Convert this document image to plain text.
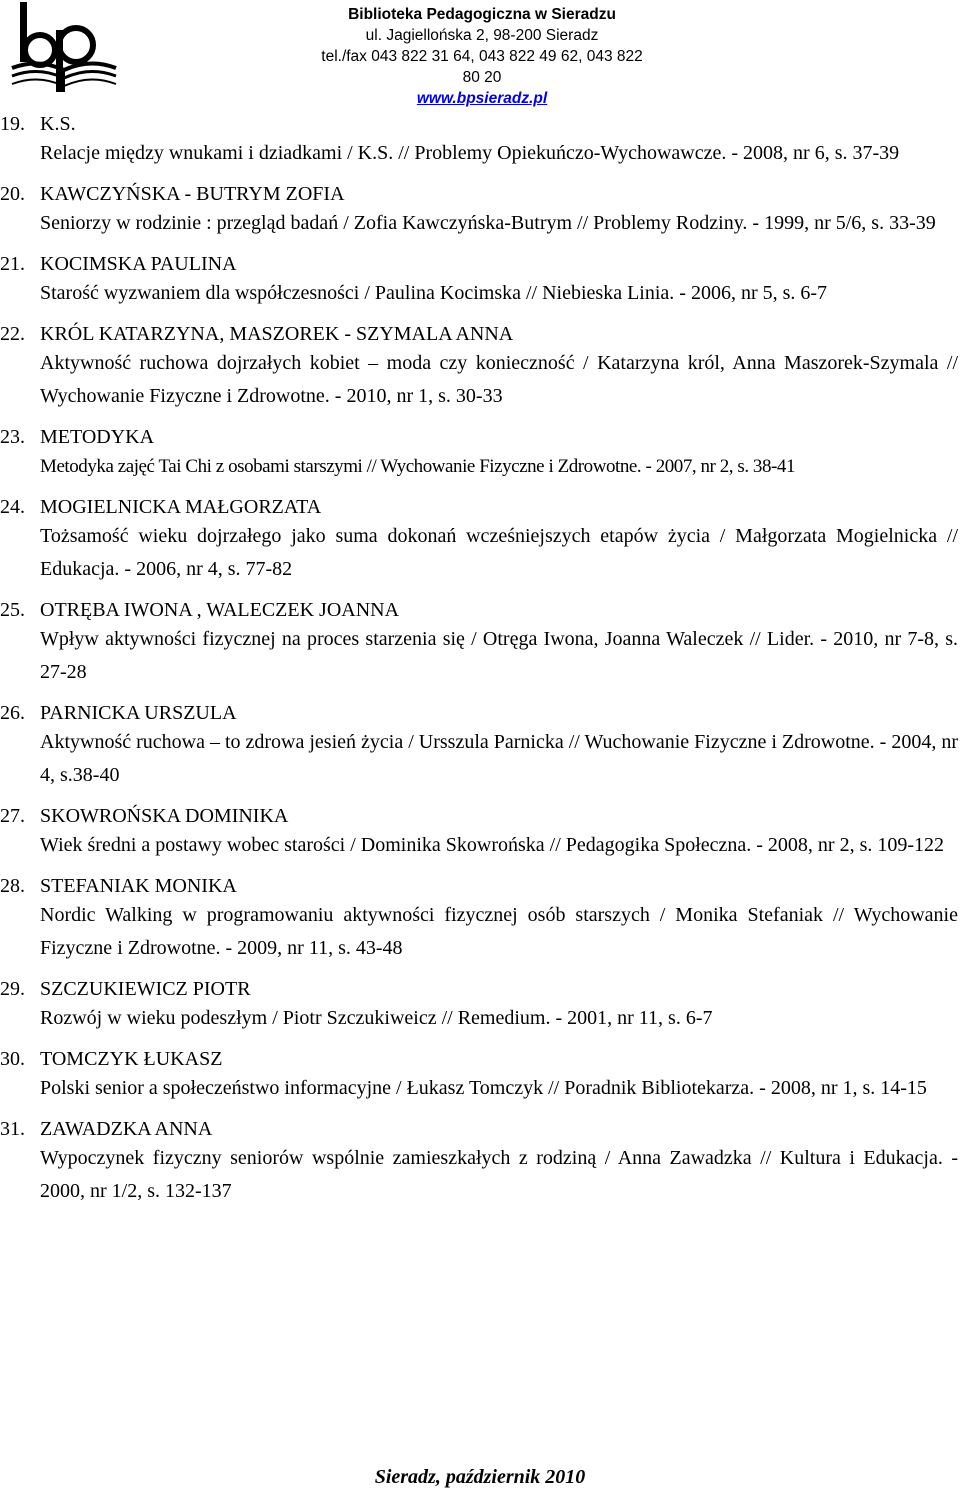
Biblioteka Pedagogiczna w Sieradzu
ul. Jagiellońska 2, 98-200 Sieradz
tel./fax 043 822 31 64, 043 822 49 62, 043 822 80 20
www.bpsieradz.pl
19. K.S.
Relacje między wnukami i dziadkami / K.S. // Problemy Opiekuńczo-Wychowawcze. - 2008, nr 6, s. 37-39
20. KAWCZYŃSKA - BUTRYM ZOFIA
Seniorzy w rodzinie : przegląd badań / Zofia Kawczyńska-Butrym // Problemy Rodziny. - 1999, nr 5/6, s. 33-39
21. KOCIMSKA PAULINA
Starość wyzwaniem dla współczesności / Paulina Kocimska // Niebieska Linia. - 2006, nr 5, s. 6-7
22. KRÓL KATARZYNA, MASZOREK - SZYMALA ANNA
Aktywność ruchowa dojrzałych kobiet – moda czy konieczność / Katarzyna król, Anna Maszorek-Szymala // Wychowanie Fizyczne i Zdrowotne. - 2010, nr 1, s. 30-33
23. METODYKA
Metodyka zajęć Tai Chi z osobami starszymi // Wychowanie Fizyczne i Zdrowotne. - 2007, nr 2, s. 38-41
24. MOGIELNICKA MAŁGORZATA
Tożsamość wieku dojrzałego jako suma dokonań wcześniejszych etapów życia / Małgorzata Mogielnicka // Edukacja. - 2006, nr 4, s. 77-82
25. OTRĘBA IWONA , WALECZEK JOANNA
Wpływ aktywności fizycznej na proces starzenia się / Otręga Iwona, Joanna Waleczek // Lider. - 2010, nr 7-8, s. 27-28
26. PARNICKA URSZULA
Aktywność ruchowa – to zdrowa jesień życia / Ursszula Parnicka // Wuchowanie Fizyczne i Zdrowotne. - 2004, nr 4, s.38-40
27. SKOWROŃSKA DOMINIKA
Wiek średni a postawy wobec starości / Dominika Skowrońska // Pedagogika Społeczna. - 2008, nr 2, s. 109-122
28. STEFANIAK MONIKA
Nordic Walking w programowaniu aktywności fizycznej osób starszych / Monika Stefaniak // Wychowanie Fizyczne i Zdrowotne. - 2009, nr 11, s. 43-48
29. SZCZUKIEWICZ PIOTR
Rozwój w wieku podeszłym / Piotr Szczukiweicz // Remedium. - 2001, nr 11, s. 6-7
30. TOMCZYK ŁUKASZ
Polski senior a społeczeństwo informacyjne / Łukasz Tomczyk // Poradnik Bibliotekarza. - 2008, nr 1, s. 14-15
31. ZAWADZKA ANNA
Wypoczynek fizyczny seniorów wspólnie zamieszkałych z rodziną / Anna Zawadzka // Kultura i Edukacja. - 2000, nr 1/2, s. 132-137
Sieradz, październik 2010
